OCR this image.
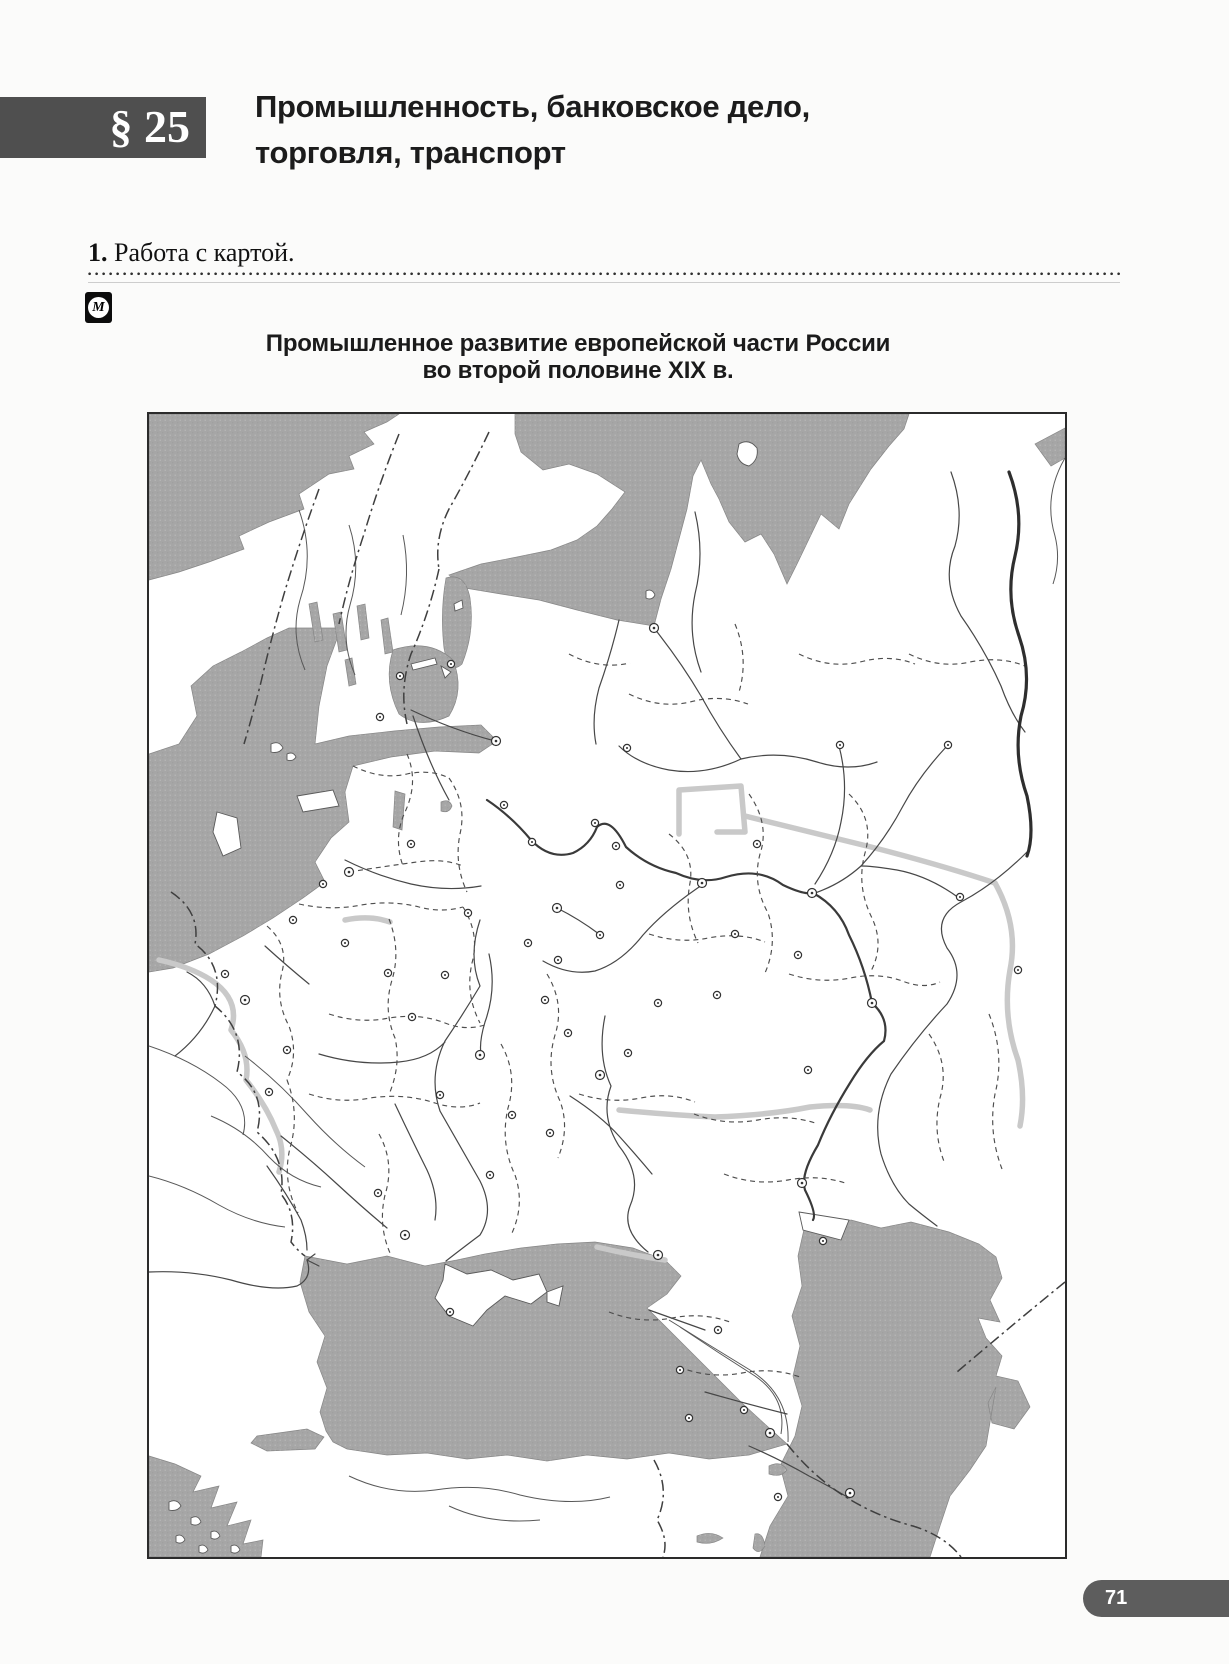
§ 25	Промышленность, банковское дело,
торговля, транспорт
1. Работа с картой.
М
Промышленное развитие европейской части России
во второй половине XIX в.
71
